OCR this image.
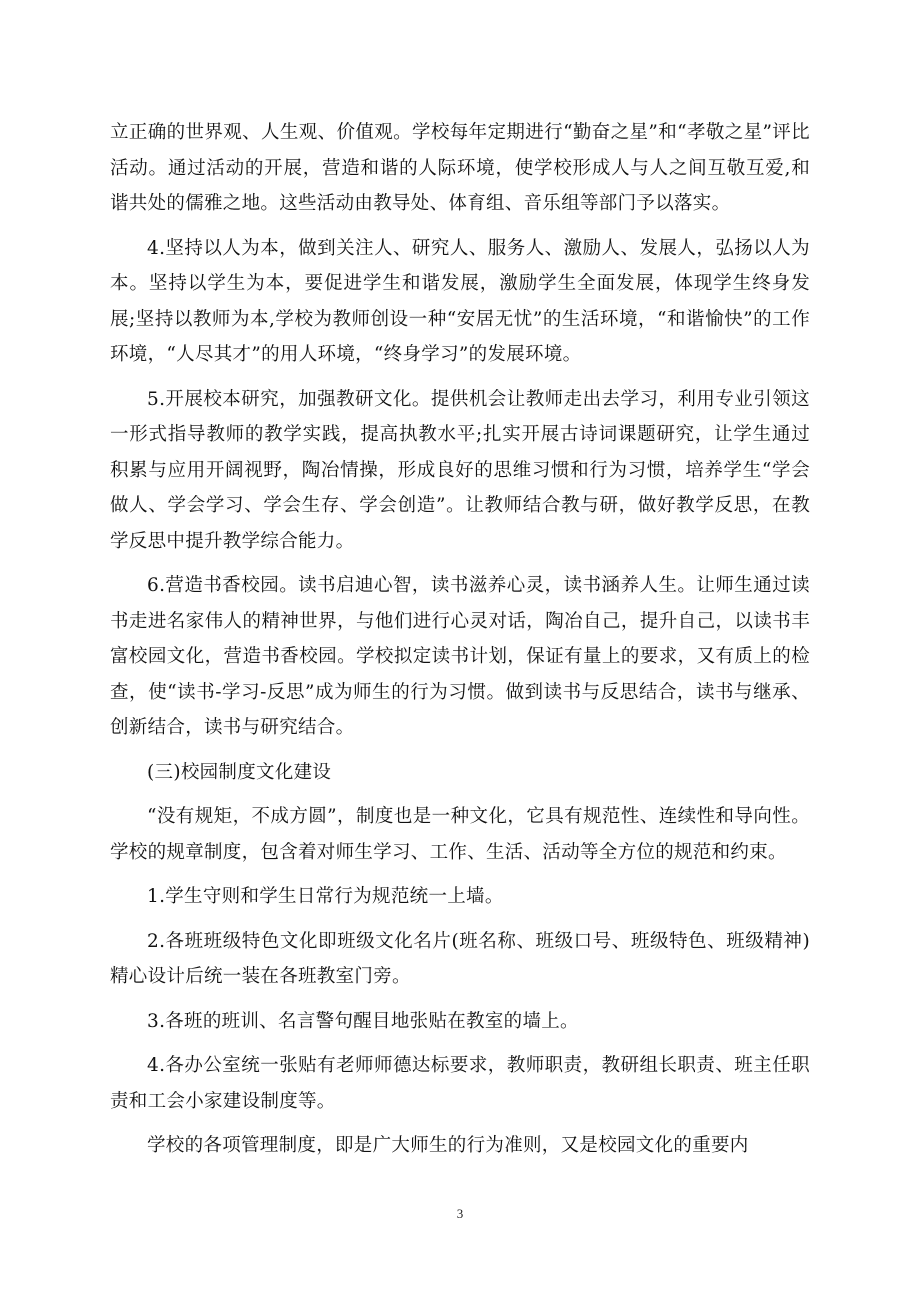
立正确的世界观、人生观、价值观。学校每年定期进行“勤奋之星”和“孝敬之星”评比活动。通过活动的开展，营造和谐的人际环境，使学校形成人与人之间互敬互爱,和谐共处的儒雅之地。这些活动由教导处、体育组、音乐组等部门予以落实。

4.坚持以人为本，做到关注人、研究人、服务人、激励人、发展人，弘扬以人为本。坚持以学生为本，要促进学生和谐发展，激励学生全面发展，体现学生终身发展;坚持以教师为本,学校为教师创设一种“安居无忧”的生活环境，“和谐愉快”的工作环境，“人尽其才”的用人环境，“终身学习”的发展环境。

5.开展校本研究，加强教研文化。提供机会让教师走出去学习，利用专业引领这一形式指导教师的教学实践，提高执教水平;扎实开展古诗词课题研究，让学生通过积累与应用开阔视野，陶冶情操，形成良好的思维习惯和行为习惯，培养学生“学会做人、学会学习、学会生存、学会创造”。让教师结合教与研，做好教学反思，在教学反思中提升教学综合能力。

6.营造书香校园。读书启迪心智，读书滋养心灵，读书涵养人生。让师生通过读书走进名家伟人的精神世界，与他们进行心灵对话，陶冶自己，提升自己，以读书丰富校园文化，营造书香校园。学校拟定读书计划，保证有量上的要求，又有质上的检查，使“读书-学习-反思”成为师生的行为习惯。做到读书与反思结合，读书与继承、创新结合，读书与研究结合。

(三)校园制度文化建设

“没有规矩，不成方圆”，制度也是一种文化，它具有规范性、连续性和导向性。学校的规章制度，包含着对师生学习、工作、生活、活动等全方位的规范和约束。

1.学生守则和学生日常行为规范统一上墙。

2.各班班级特色文化即班级文化名片(班名称、班级口号、班级特色、班级精神)精心设计后统一装在各班教室门旁。

3.各班的班训、名言警句醒目地张贴在教室的墙上。

4.各办公室统一张贴有老师师德达标要求，教师职责，教研组长职责、班主任职责和工会小家建设制度等。

学校的各项管理制度，即是广大师生的行为准则，又是校园文化的重要内

3
